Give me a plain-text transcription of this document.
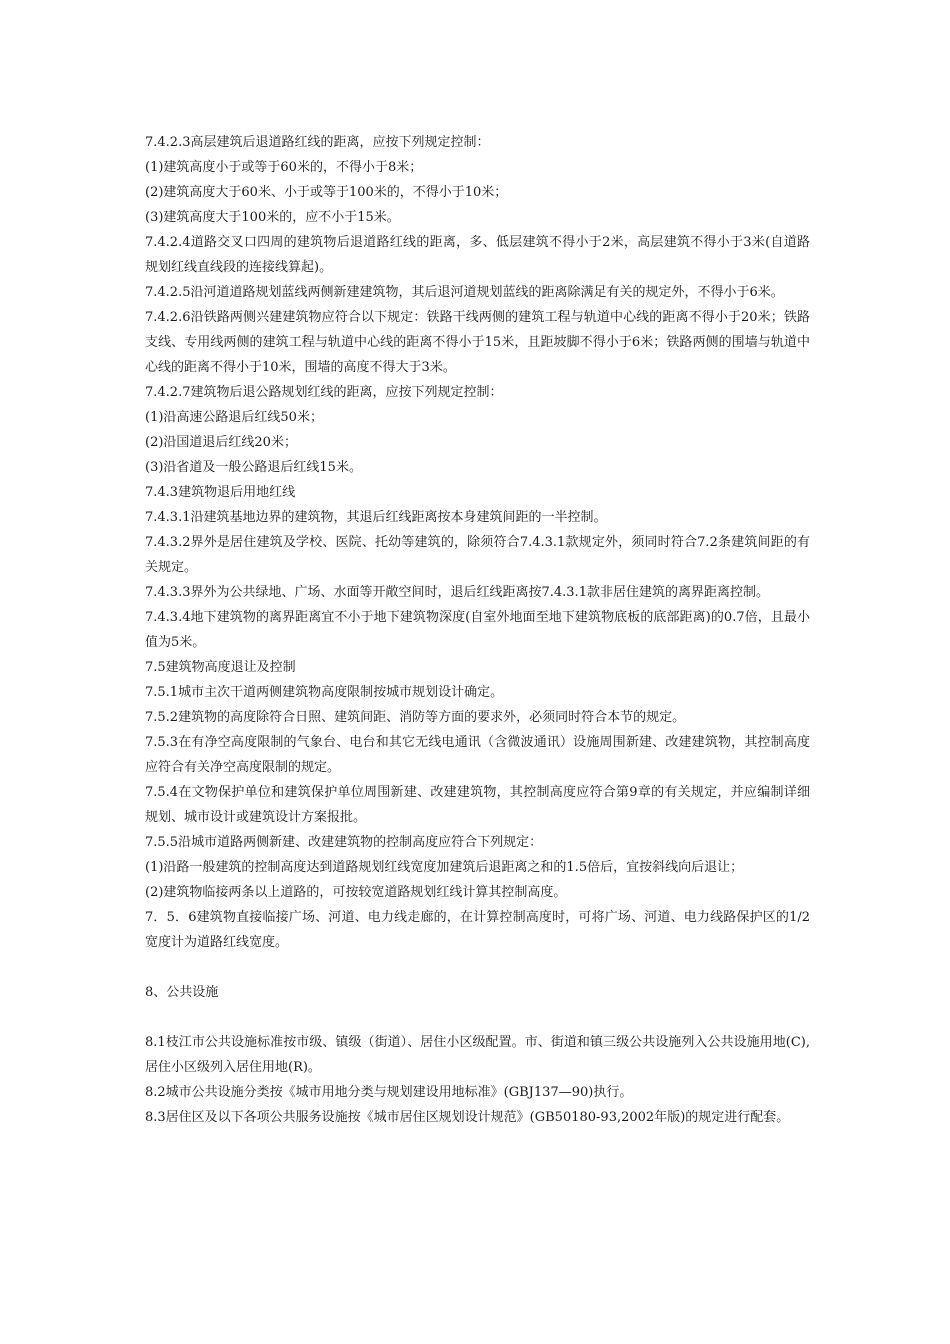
7.4.2.3高层建筑后退道路红线的距离，应按下列规定控制：

(1)建筑高度小于或等于60米的，不得小于8米；

(2)建筑高度大于60米、小于或等于100米的，不得小于10米；

(3)建筑高度大于100米的，应不小于15米。

7.4.2.4道路交叉口四周的建筑物后退道路红线的距离，多、低层建筑不得小于2米，高层建筑不得小于3米(自道路规划红线直线段的连接线算起)。

7.4.2.5沿河道道路规划蓝线两侧新建建筑物，其后退河道规划蓝线的距离除满足有关的规定外，不得小于6米。

7.4.2.6沿铁路两侧兴建建筑物应符合以下规定：铁路干线两侧的建筑工程与轨道中心线的距离不得小于20米；铁路支线、专用线两侧的建筑工程与轨道中心线的距离不得小于15米，且距坡脚不得小于6米；铁路两侧的围墙与轨道中心线的距离不得小于10米，围墙的高度不得大于3米。

7.4.2.7建筑物后退公路规划红线的距离，应按下列规定控制：

(1)沿高速公路退后红线50米；

(2)沿国道退后红线20米；

(3)沿省道及一般公路退后红线15米。

7.4.3建筑物退后用地红线

7.4.3.1沿建筑基地边界的建筑物，其退后红线距离按本身建筑间距的一半控制。

7.4.3.2界外是居住建筑及学校、医院、托幼等建筑的，除须符合7.4.3.1款规定外，须同时符合7.2条建筑间距的有关规定。

7.4.3.3界外为公共绿地、广场、水面等开敞空间时，退后红线距离按7.4.3.1款非居住建筑的离界距离控制。

7.4.3.4地下建筑物的离界距离宜不小于地下建筑物深度(自室外地面至地下建筑物底板的底部距离)的0.7倍，且最小值为5米。

7.5建筑物高度退让及控制

7.5.1城市主次干道两侧建筑物高度限制按城市规划设计确定。

7.5.2建筑物的高度除符合日照、建筑间距、消防等方面的要求外，必须同时符合本节的规定。

7.5.3在有净空高度限制的气象台、电台和其它无线电通讯（含微波通讯）设施周围新建、改建建筑物，其控制高度应符合有关净空高度限制的规定。

7.5.4在文物保护单位和建筑保护单位周围新建、改建建筑物，其控制高度应符合第9章的有关规定，并应编制详细规划、城市设计或建筑设计方案报批。

7.5.5沿城市道路两侧新建、改建建筑物的控制高度应符合下列规定：

(1)沿路一般建筑的控制高度达到道路规划红线宽度加建筑后退距离之和的1.5倍后，宜按斜线向后退让；

(2)建筑物临接两条以上道路的，可按较宽道路规划红线计算其控制高度。

7．5．6建筑物直接临接广场、河道、电力线走廊的，在计算控制高度时，可将广场、河道、电力线路保护区的1/2宽度计为道路红线宽度。

8、公共设施

8.1枝江市公共设施标准按市级、镇级（街道）、居住小区级配置。市、街道和镇三级公共设施列入公共设施用地(C),居住小区级列入居住用地(R)。

8.2城市公共设施分类按《城市用地分类与规划建设用地标准》(GBJ137—90)执行。

8.3居住区及以下各项公共服务设施按《城市居住区规划设计规范》(GB50180-93,2002年版)的规定进行配套。
